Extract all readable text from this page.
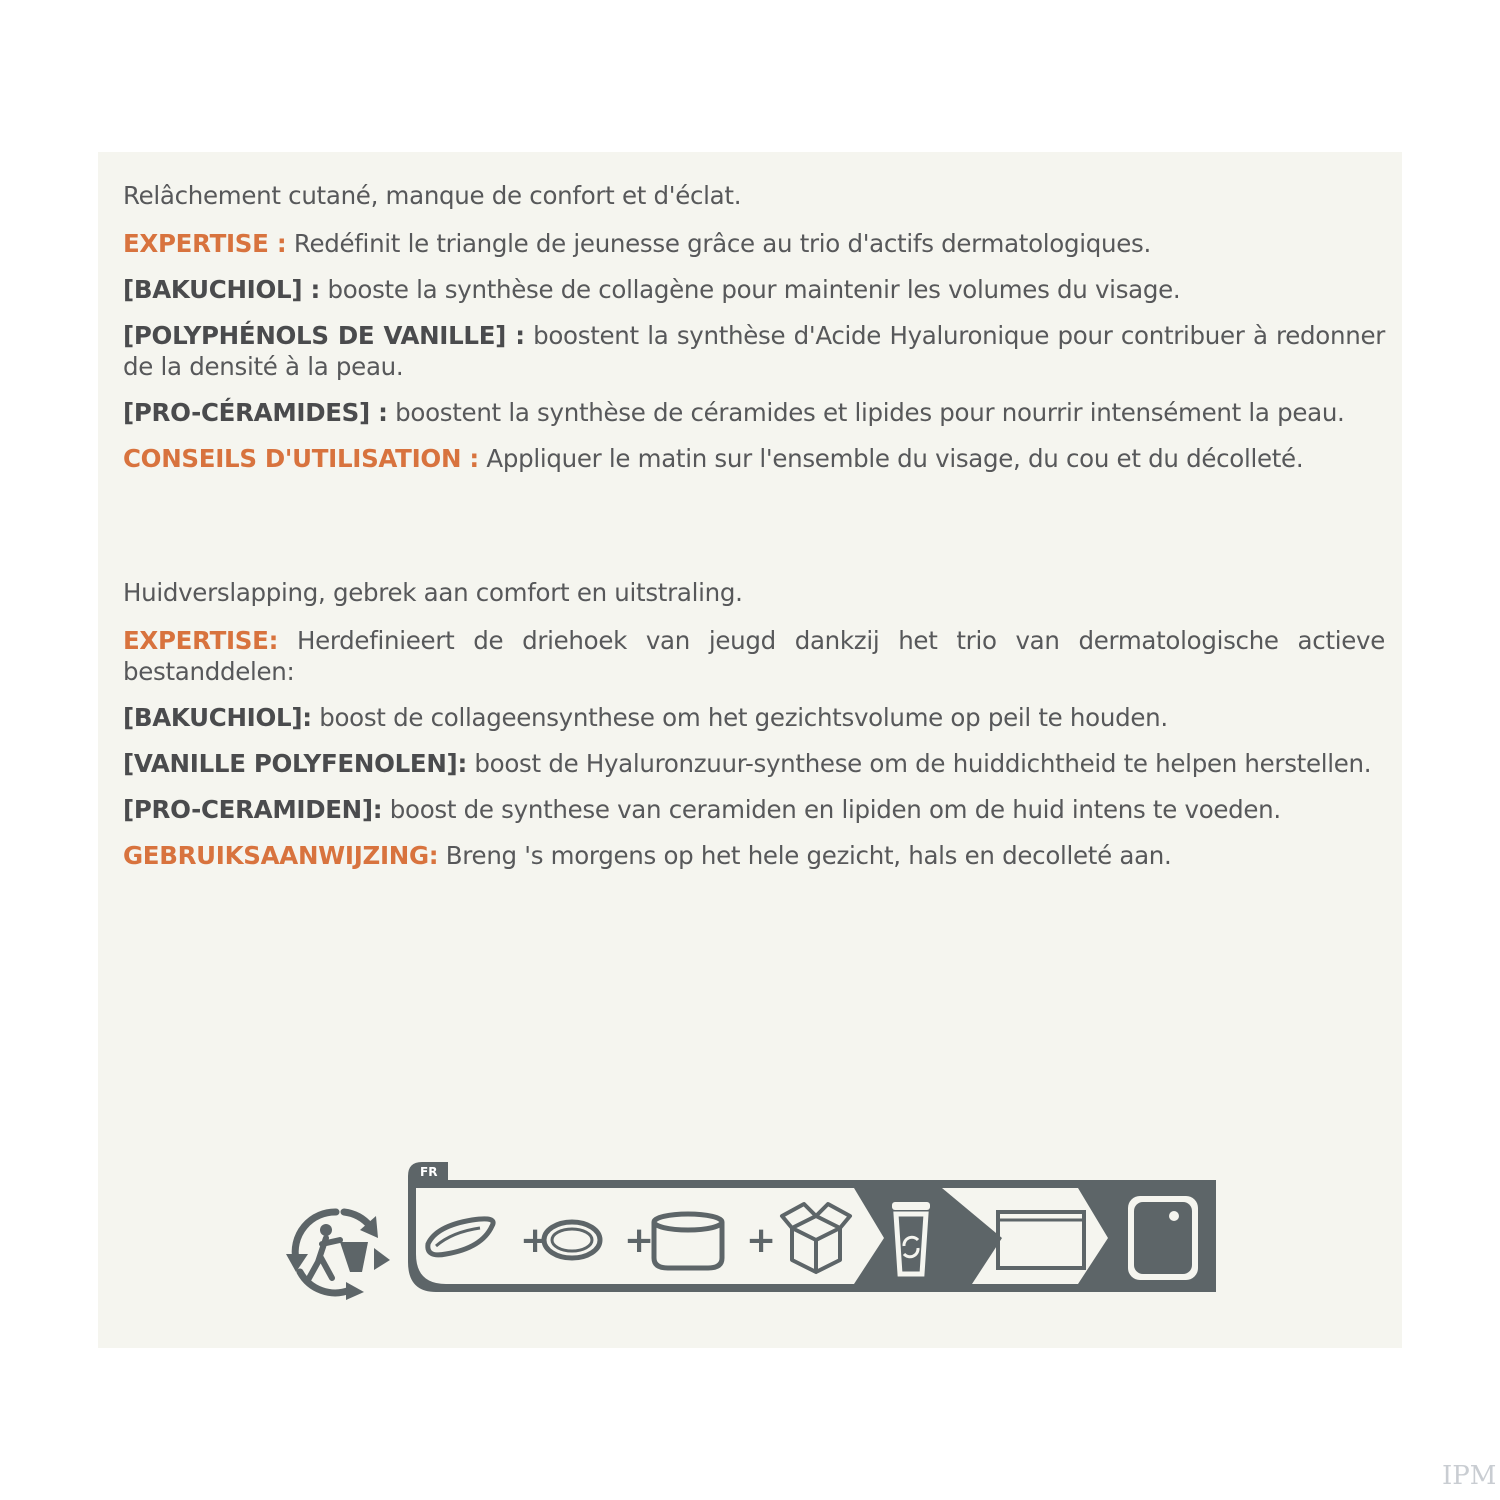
Relâchement cutané, manque de confort et d'éclat.

EXPERTISE : Redéfinit le triangle de jeunesse grâce au trio d'actifs dermatologiques.

[BAKUCHIOL] : booste la synthèse de collagène pour maintenir les volumes du visage.

[POLYPHÉNOLS DE VANILLE] : boostent la synthèse d'Acide Hyaluronique pour contribuer à redonner de la densité à la peau.

[PRO-CÉRAMIDES] : boostent la synthèse de céramides et lipides pour nourrir intensément la peau.

CONSEILS D'UTILISATION : Appliquer le matin sur l'ensemble du visage, du cou et du décolleté.

Huidverslapping, gebrek aan comfort en uitstraling.

EXPERTISE: Herdefinieert de driehoek van jeugd dankzij het trio van dermatologische actieve bestanddelen:

[BAKUCHIOL]: boost de collageensynthese om het gezichtsvolume op peil te houden.

[VANILLE POLYFENOLEN]: boost de Hyaluronzuur-synthese om de huiddichtheid te helpen herstellen.

[PRO-CERAMIDEN]: boost de synthese van ceramiden en lipiden om de huid intens te voeden.

GEBRUIKSAANWIJZING: Breng 's morgens op het hele gezicht, hals en decolleté aan.

+ +	+
FR
IPM
